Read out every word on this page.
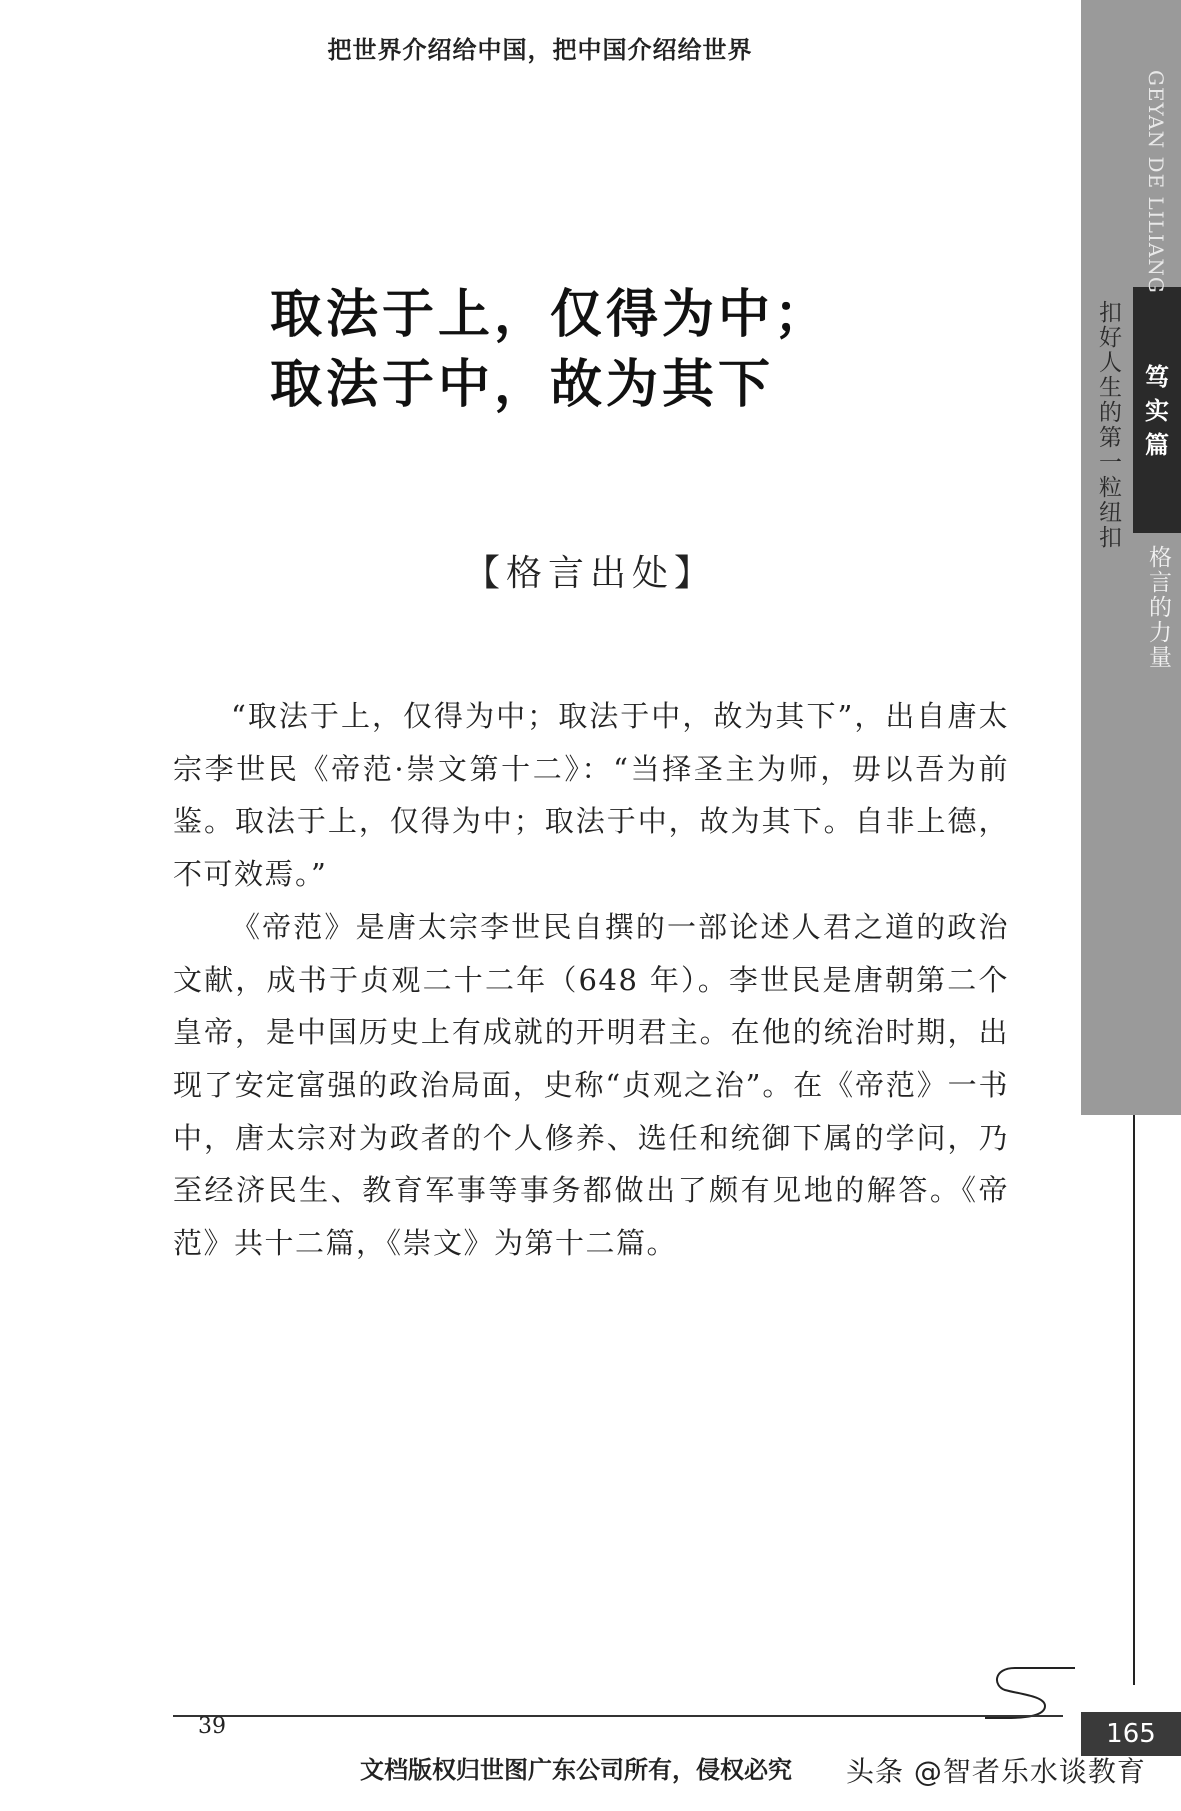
把世界介绍给中国，把中国介绍给世界
取法于上，仅得为中；
取法于中，故为其下
【格言出处】

“取法于上，仅得为中；取法于中，故为其下”，出自唐太宗李世民《帝范·崇文第十二》：“当择圣主为师，毋以吾为前鉴。取法于上，仅得为中；取法于中，故为其下。自非上德，不可效焉。”

《帝范》是唐太宗李世民自撰的一部论述人君之道的政治文献，成书于贞观二十二年（648 年）。李世民是唐朝第二个皇帝，是中国历史上有成就的开明君主。在他的统治时期，出现了安定富强的政治局面，史称“贞观之治”。在《帝范》一书中，唐太宗对为政者的个人修养、选任和统御下属的学问，乃至经济民生、教育军事等事务都做出了颇有见地的解答。《帝范》共十二篇，《崇文》为第十二篇。

GEYAN DE LILIANG
笃
实
篇
扣好人生的第一粒纽扣
格言的力量
39	165
文档版权归世图广东公司所有，侵权必究 头条 @智者乐水谈教育
